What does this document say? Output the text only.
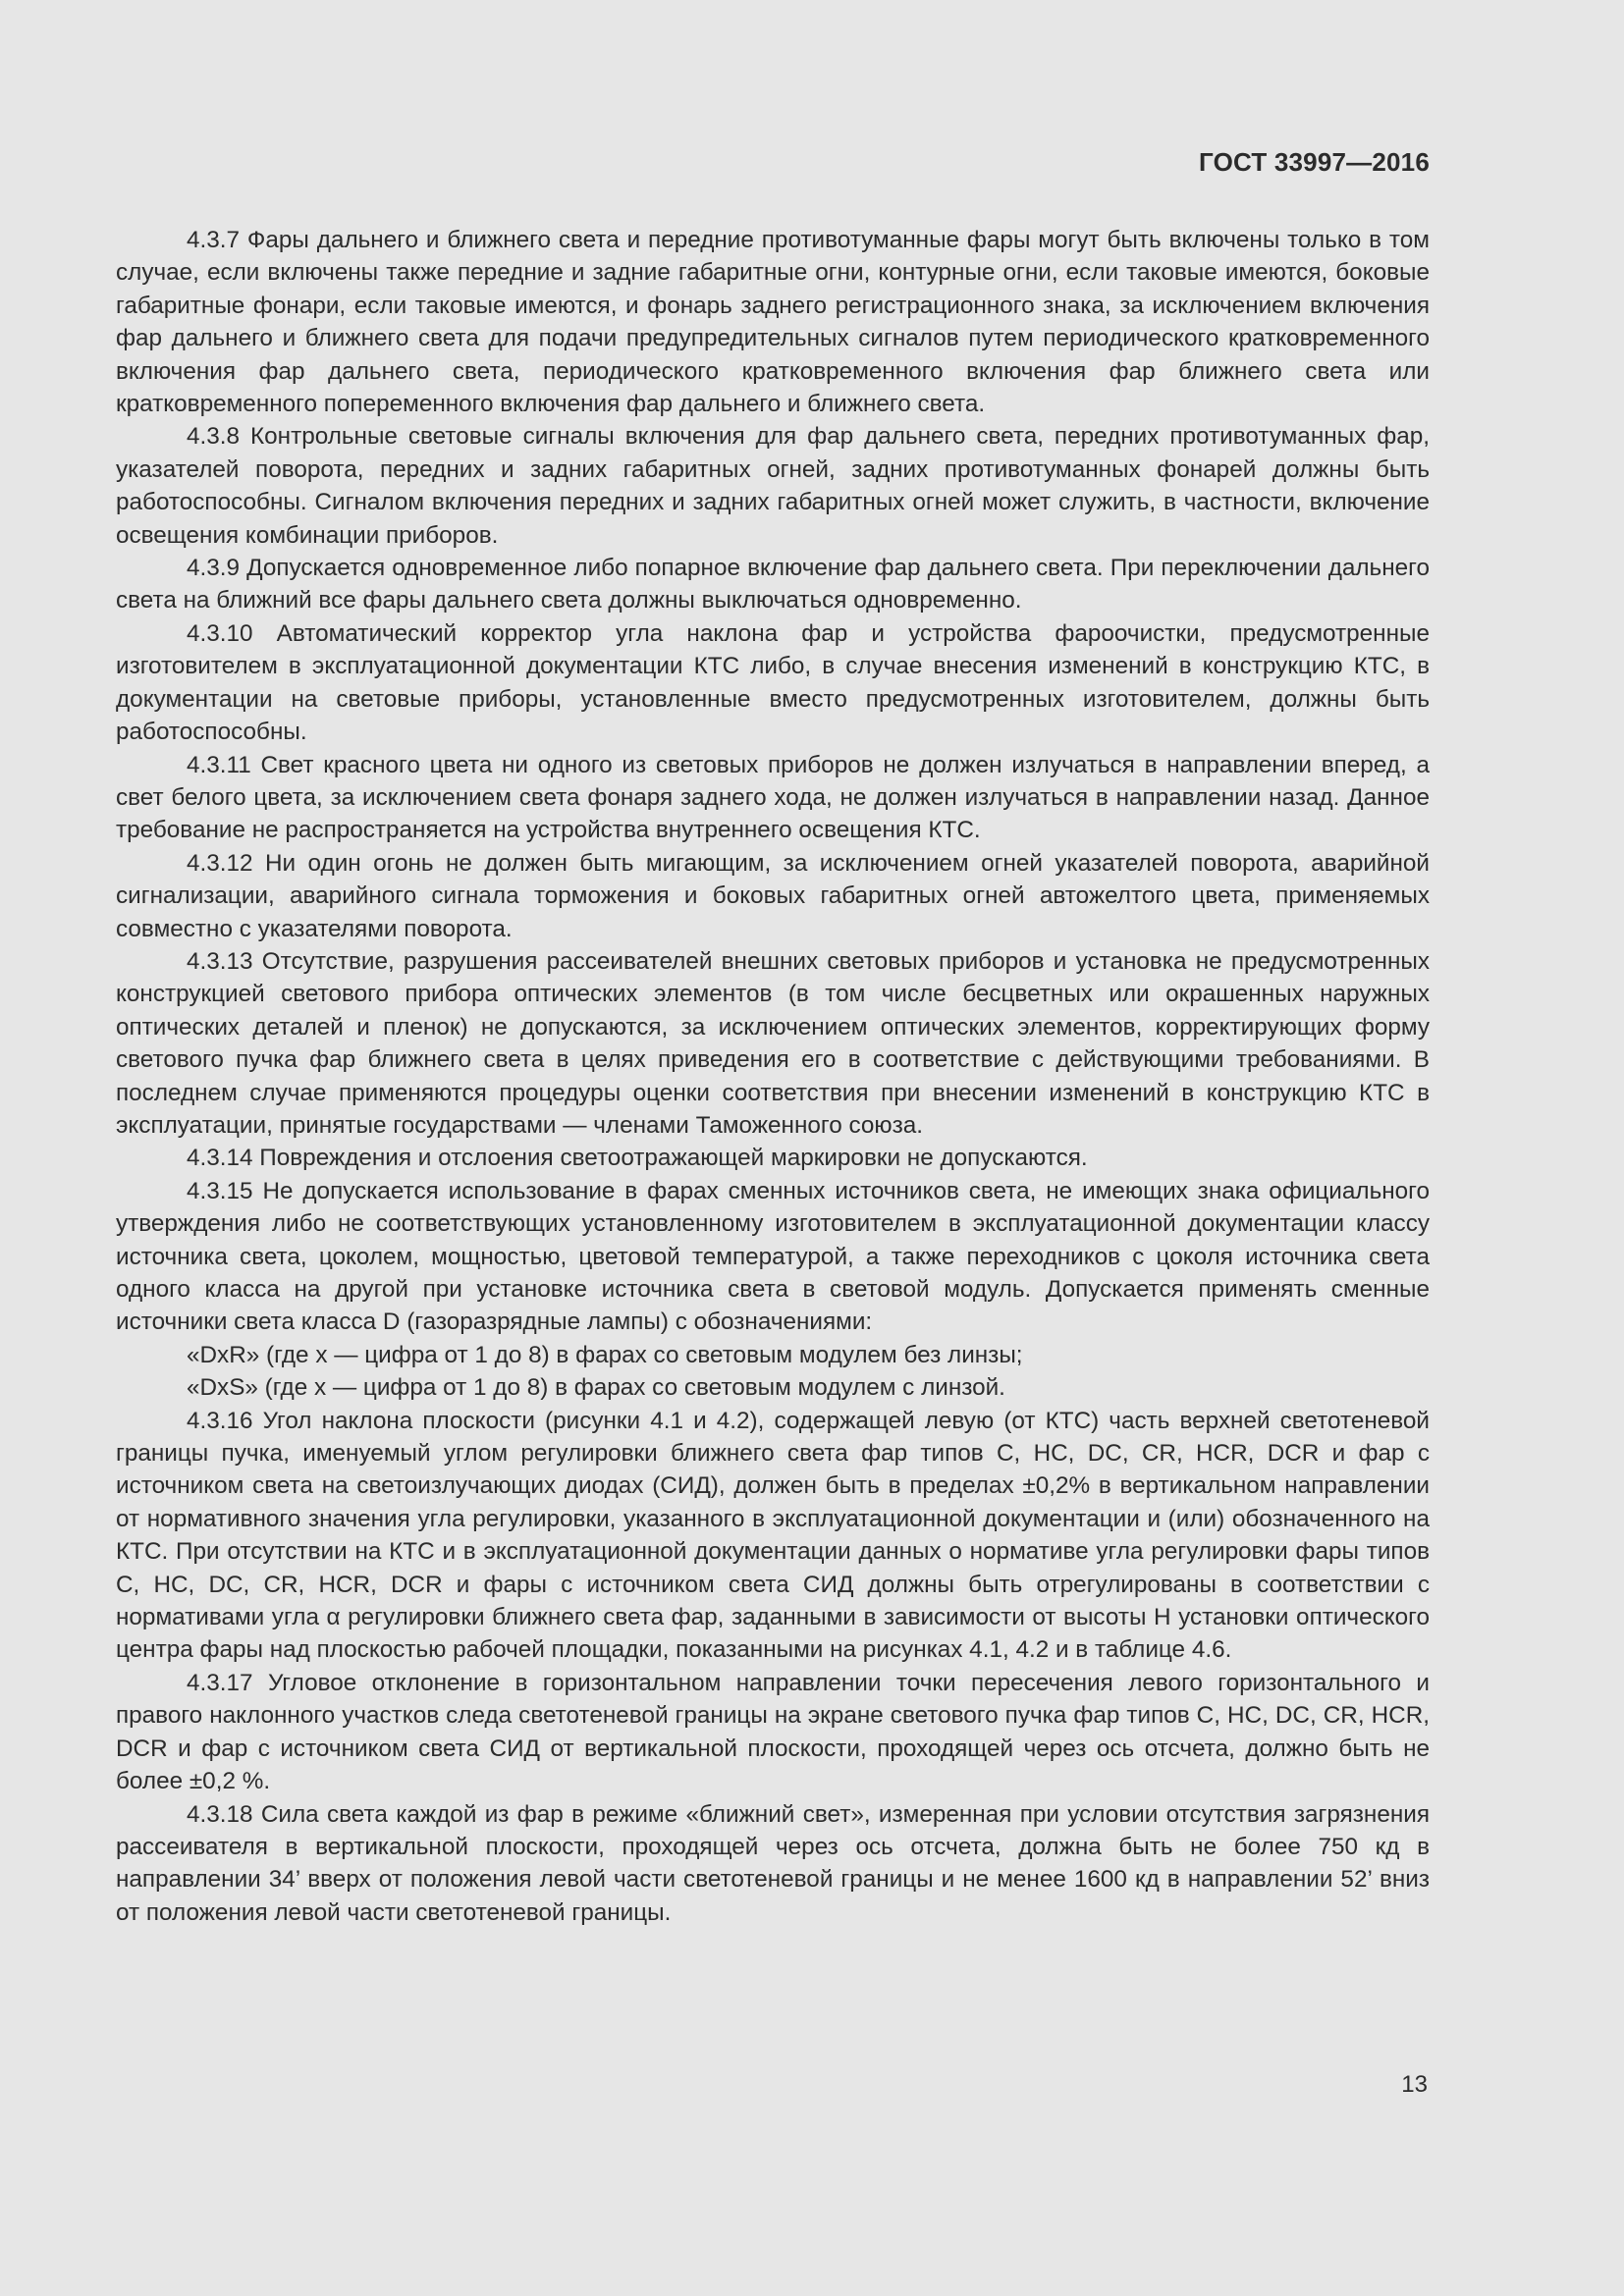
ГОСТ 33997—2016

4.3.7 Фары дальнего и ближнего света и передние противотуманные фары могут быть включены только в том случае, если включены также передние и задние габаритные огни, контурные огни, если таковые имеются, боковые габаритные фонари, если таковые имеются, и фонарь заднего регистрационного знака, за исключением включения фар дальнего и ближнего света для подачи предупредительных сигналов путем периодического кратковременного включения фар дальнего света, периодического кратковременного включения фар ближнего света или кратковременного попеременного включения фар дальнего и ближнего света.

4.3.8 Контрольные световые сигналы включения для фар дальнего света, передних противотуманных фар, указателей поворота, передних и задних габаритных огней, задних противотуманных фонарей должны быть работоспособны. Сигналом включения передних и задних габаритных огней может служить, в частности, включение освещения комбинации приборов.

4.3.9 Допускается одновременное либо попарное включение фар дальнего света. При переключении дальнего света на ближний все фары дальнего света должны выключаться одновременно.

4.3.10 Автоматический корректор угла наклона фар и устройства фароочистки, предусмотренные изготовителем в эксплуатационной документации КТС либо, в случае внесения изменений в конструкцию КТС, в документации на световые приборы, установленные вместо предусмотренных изготовителем, должны быть работоспособны.

4.3.11 Свет красного цвета ни одного из световых приборов не должен излучаться в направлении вперед, а свет белого цвета, за исключением света фонаря заднего хода, не должен излучаться в направлении назад. Данное требование не распространяется на устройства внутреннего освещения КТС.

4.3.12 Ни один огонь не должен быть мигающим, за исключением огней указателей поворота, аварийной сигнализации, аварийного сигнала торможения и боковых габаритных огней автожелтого цвета, применяемых совместно с указателями поворота.

4.3.13 Отсутствие, разрушения рассеивателей внешних световых приборов и установка не предусмотренных конструкцией светового прибора оптических элементов (в том числе бесцветных или окрашенных наружных оптических деталей и пленок) не допускаются, за исключением оптических элементов, корректирующих форму светового пучка фар ближнего света в целях приведения его в соответствие с действующими требованиями. В последнем случае применяются процедуры оценки соответствия при внесении изменений в конструкцию КТС в эксплуатации, принятые государствами — членами Таможенного союза.

4.3.14 Повреждения и отслоения светоотражающей маркировки не допускаются.

4.3.15 Не допускается использование в фарах сменных источников света, не имеющих знака официального утверждения либо не соответствующих установленному изготовителем в эксплуатационной документации классу источника света, цоколем, мощностью, цветовой температурой, а также переходников с цоколя источника света одного класса на другой при установке источника света в световой модуль. Допускается применять сменные источники света класса D (газоразрядные лампы) с обозначениями:

«DxR» (где x — цифра от 1 до 8) в фарах со световым модулем без линзы;

«DxS» (где x — цифра от 1 до 8) в фарах со световым модулем с линзой.

4.3.16 Угол наклона плоскости (рисунки 4.1 и 4.2), содержащей левую (от КТС) часть верхней светотеневой границы пучка, именуемый углом регулировки ближнего света фар типов C, HC, DC, CR, HCR, DCR и фар с источником света на светоизлучающих диодах (СИД), должен быть в пределах ±0,2% в вертикальном направлении от нормативного значения угла регулировки, указанного в эксплуатационной документации и (или) обозначенного на КТС. При отсутствии на КТС и в эксплуатационной документации данных о нормативе угла регулировки фары типов C, HC, DC, CR, HCR, DCR и фары с источником света СИД должны быть отрегулированы в соответствии с нормативами угла α регулировки ближнего света фар, заданными в зависимости от высоты H установки оптического центра фары над плоскостью рабочей площадки, показанными на рисунках 4.1, 4.2 и в таблице 4.6.

4.3.17 Угловое отклонение в горизонтальном направлении точки пересечения левого горизонтального и правого наклонного участков следа светотеневой границы на экране светового пучка фар типов C, HC, DC, CR, HCR, DCR и фар с источником света СИД от вертикальной плоскости, проходящей через ось отсчета, должно быть не более ±0,2 %.

4.3.18 Сила света каждой из фар в режиме «ближний свет», измеренная при условии отсутствия загрязнения рассеивателя в вертикальной плоскости, проходящей через ось отсчета, должна быть не более 750 кд в направлении 34’ вверх от положения левой части светотеневой границы и не менее 1600 кд в направлении 52’ вниз от положения левой части светотеневой границы.

13
